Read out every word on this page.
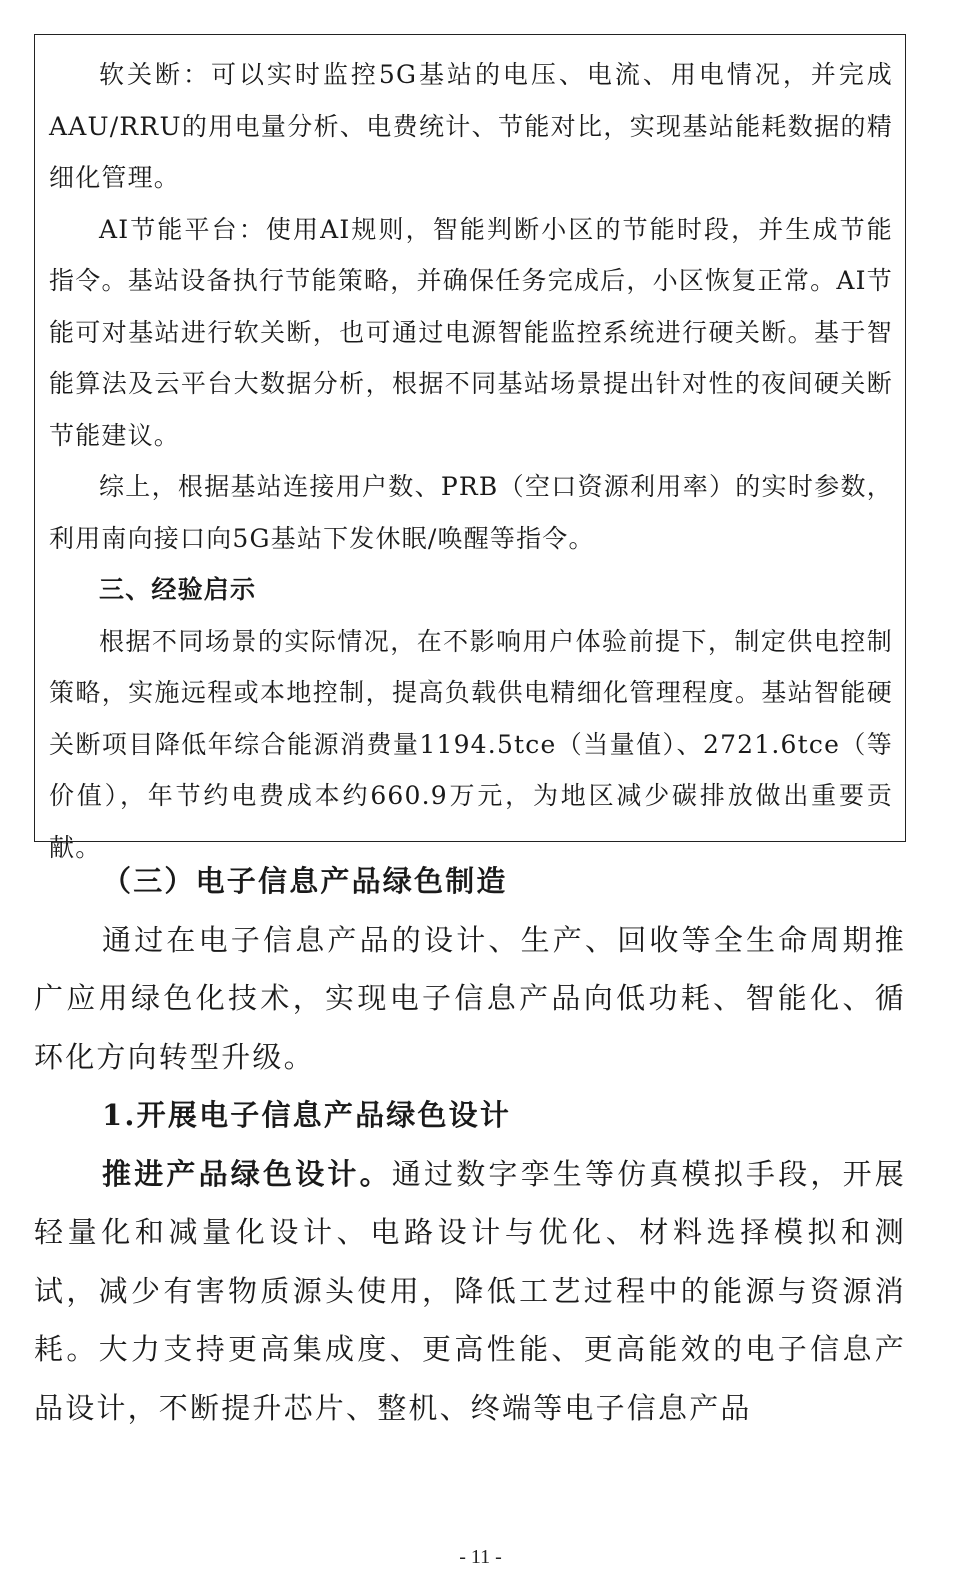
软关断：可以实时监控5G基站的电压、电流、用电情况，并完成AAU/RRU的用电量分析、电费统计、节能对比，实现基站能耗数据的精细化管理。

AI节能平台：使用AI规则，智能判断小区的节能时段，并生成节能指令。基站设备执行节能策略，并确保任务完成后，小区恢复正常。AI节能可对基站进行软关断，也可通过电源智能监控系统进行硬关断。基于智能算法及云平台大数据分析，根据不同基站场景提出针对性的夜间硬关断节能建议。

综上，根据基站连接用户数、PRB（空口资源利用率）的实时参数，利用南向接口向5G基站下发休眠/唤醒等指令。

三、经验启示

根据不同场景的实际情况，在不影响用户体验前提下，制定供电控制策略，实施远程或本地控制，提高负载供电精细化管理程度。基站智能硬关断项目降低年综合能源消费量1194.5tce（当量值）、2721.6tce（等价值），年节约电费成本约660.9万元，为地区减少碳排放做出重要贡献。

（三）电子信息产品绿色制造

通过在电子信息产品的设计、生产、回收等全生命周期推广应用绿色化技术，实现电子信息产品向低功耗、智能化、循环化方向转型升级。

1.开展电子信息产品绿色设计

推进产品绿色设计。通过数字孪生等仿真模拟手段，开展轻量化和减量化设计、电路设计与优化、材料选择模拟和测试，减少有害物质源头使用，降低工艺过程中的能源与资源消耗。大力支持更高集成度、更高性能、更高能效的电子信息产品设计，不断提升芯片、整机、终端等电子信息产品

- 11 -
